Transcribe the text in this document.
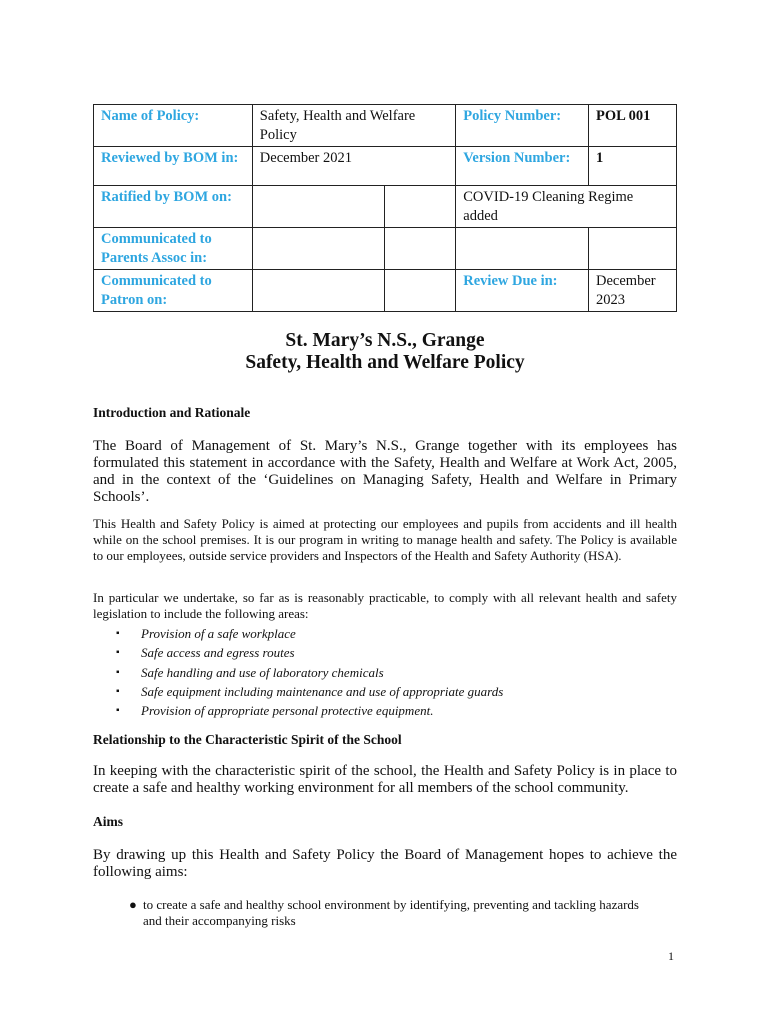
Name of Policy:	Safety, Health and Welfare Policy		Policy Number:	POL 001
Reviewed by BOM in:	December 2021		Version Number:	1
Ratified by BOM on:			COVID-19 Cleaning Regime added	
Communicated to Parents Assoc in:				
Communicated to Patron on:			Review Due in:	December 2023
St. Mary’s N.S., Grange
Safety, Health and Welfare Policy
Introduction and Rationale
The Board of Management of St. Mary’s N.S., Grange together with its employees has formulated this statement in accordance with the Safety, Health and Welfare at Work Act, 2005, and in the context of the ‘Guidelines on Managing Safety, Health and Welfare in Primary Schools’.
This Health and Safety Policy is aimed at protecting our employees and pupils from accidents and ill health while on the school premises. It is our program in writing to manage health and safety. The Policy is available to our employees, outside service providers and Inspectors of the Health and Safety Authority (HSA).
In particular we undertake, so far as is reasonably practicable, to comply with all relevant health and safety legislation to include the following areas:
▪ Provision of a safe workplace
▪ Safe access and egress routes
▪ Safe handling and use of laboratory chemicals
▪ Safe equipment including maintenance and use of appropriate guards
▪ Provision of appropriate personal protective equipment.
Relationship to the Characteristic Spirit of the School
In keeping with the characteristic spirit of the school, the Health and Safety Policy is in place to create a safe and healthy working environment for all members of the school community.
Aims
By drawing up this Health and Safety Policy the Board of Management hopes to achieve the following aims:
● to create a safe and healthy school environment by identifying, preventing and tackling hazards and their accompanying risks
1
